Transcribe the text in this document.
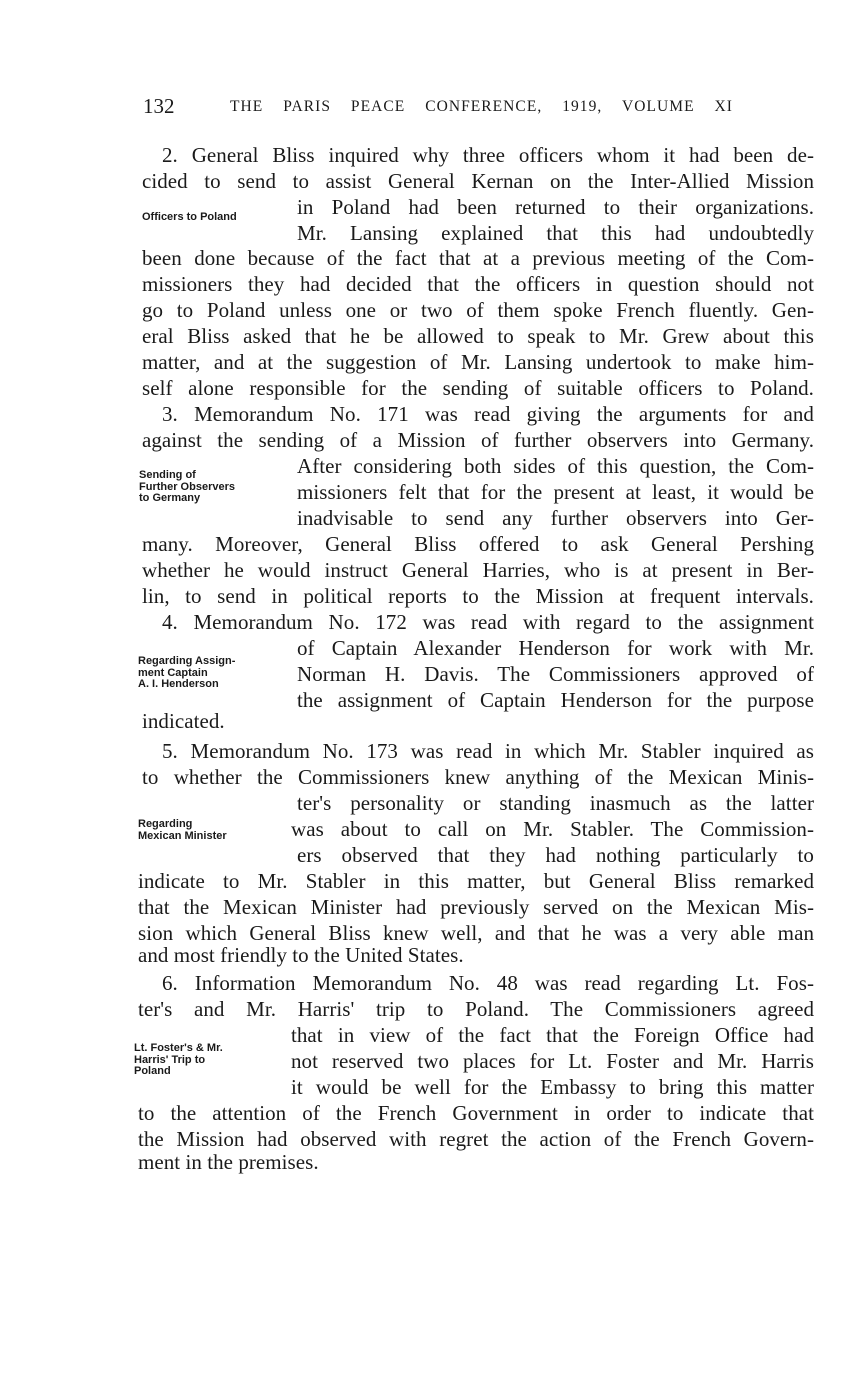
132	THE PARIS PEACE CONFERENCE, 1919, VOLUME XI
2. General Bliss inquired why three officers whom it had been de-
cided to send to assist General Kernan on the Inter-Allied Mission
in Poland had been returned to their organizations.
Mr. Lansing explained that this had undoubtedly
been done because of the fact that at a previous meeting of the Com-
missioners they had decided that the officers in question should not
go to Poland unless one or two of them spoke French fluently. Gen-
eral Bliss asked that he be allowed to speak to Mr. Grew about this
matter, and at the suggestion of Mr. Lansing undertook to make him-
self alone responsible for the sending of suitable officers to Poland.
3. Memorandum No. 171 was read giving the arguments for and
against the sending of a Mission of further observers into Germany.
After considering both sides of this question, the Com-
missioners felt that for the present at least, it would be
inadvisable to send any further observers into Ger-
many. Moreover, General Bliss offered to ask General Pershing
whether he would instruct General Harries, who is at present in Ber-
lin, to send in political reports to the Mission at frequent intervals.
4. Memorandum No. 172 was read with regard to the assignment
of Captain Alexander Henderson for work with Mr.
Norman H. Davis. The Commissioners approved of
the assignment of Captain Henderson for the purpose
indicated.
5. Memorandum No. 173 was read in which Mr. Stabler inquired as
to whether the Commissioners knew anything of the Mexican Minis-
ter's personality or standing inasmuch as the latter
was about to call on Mr. Stabler. The Commission-
ers observed that they had nothing particularly to
indicate to Mr. Stabler in this matter, but General Bliss remarked
that the Mexican Minister had previously served on the Mexican Mis-
sion which General Bliss knew well, and that he was a very able man
and most friendly to the United States.
6. Information Memorandum No. 48 was read regarding Lt. Fos-
ter's and Mr. Harris' trip to Poland. The Commissioners agreed
that in view of the fact that the Foreign Office had
not reserved two places for Lt. Foster and Mr. Harris
it would be well for the Embassy to bring this matter
to the attention of the French Government in order to indicate that
the Mission had observed with regret the action of the French Govern-
ment in the premises.
Officers to Poland
Sending of
Further Observers
to Germany
Regarding Assign-
ment Captain
A. I. Henderson
Regarding
Mexican Minister
Lt. Foster's & Mr.
Harris' Trip to
Poland
